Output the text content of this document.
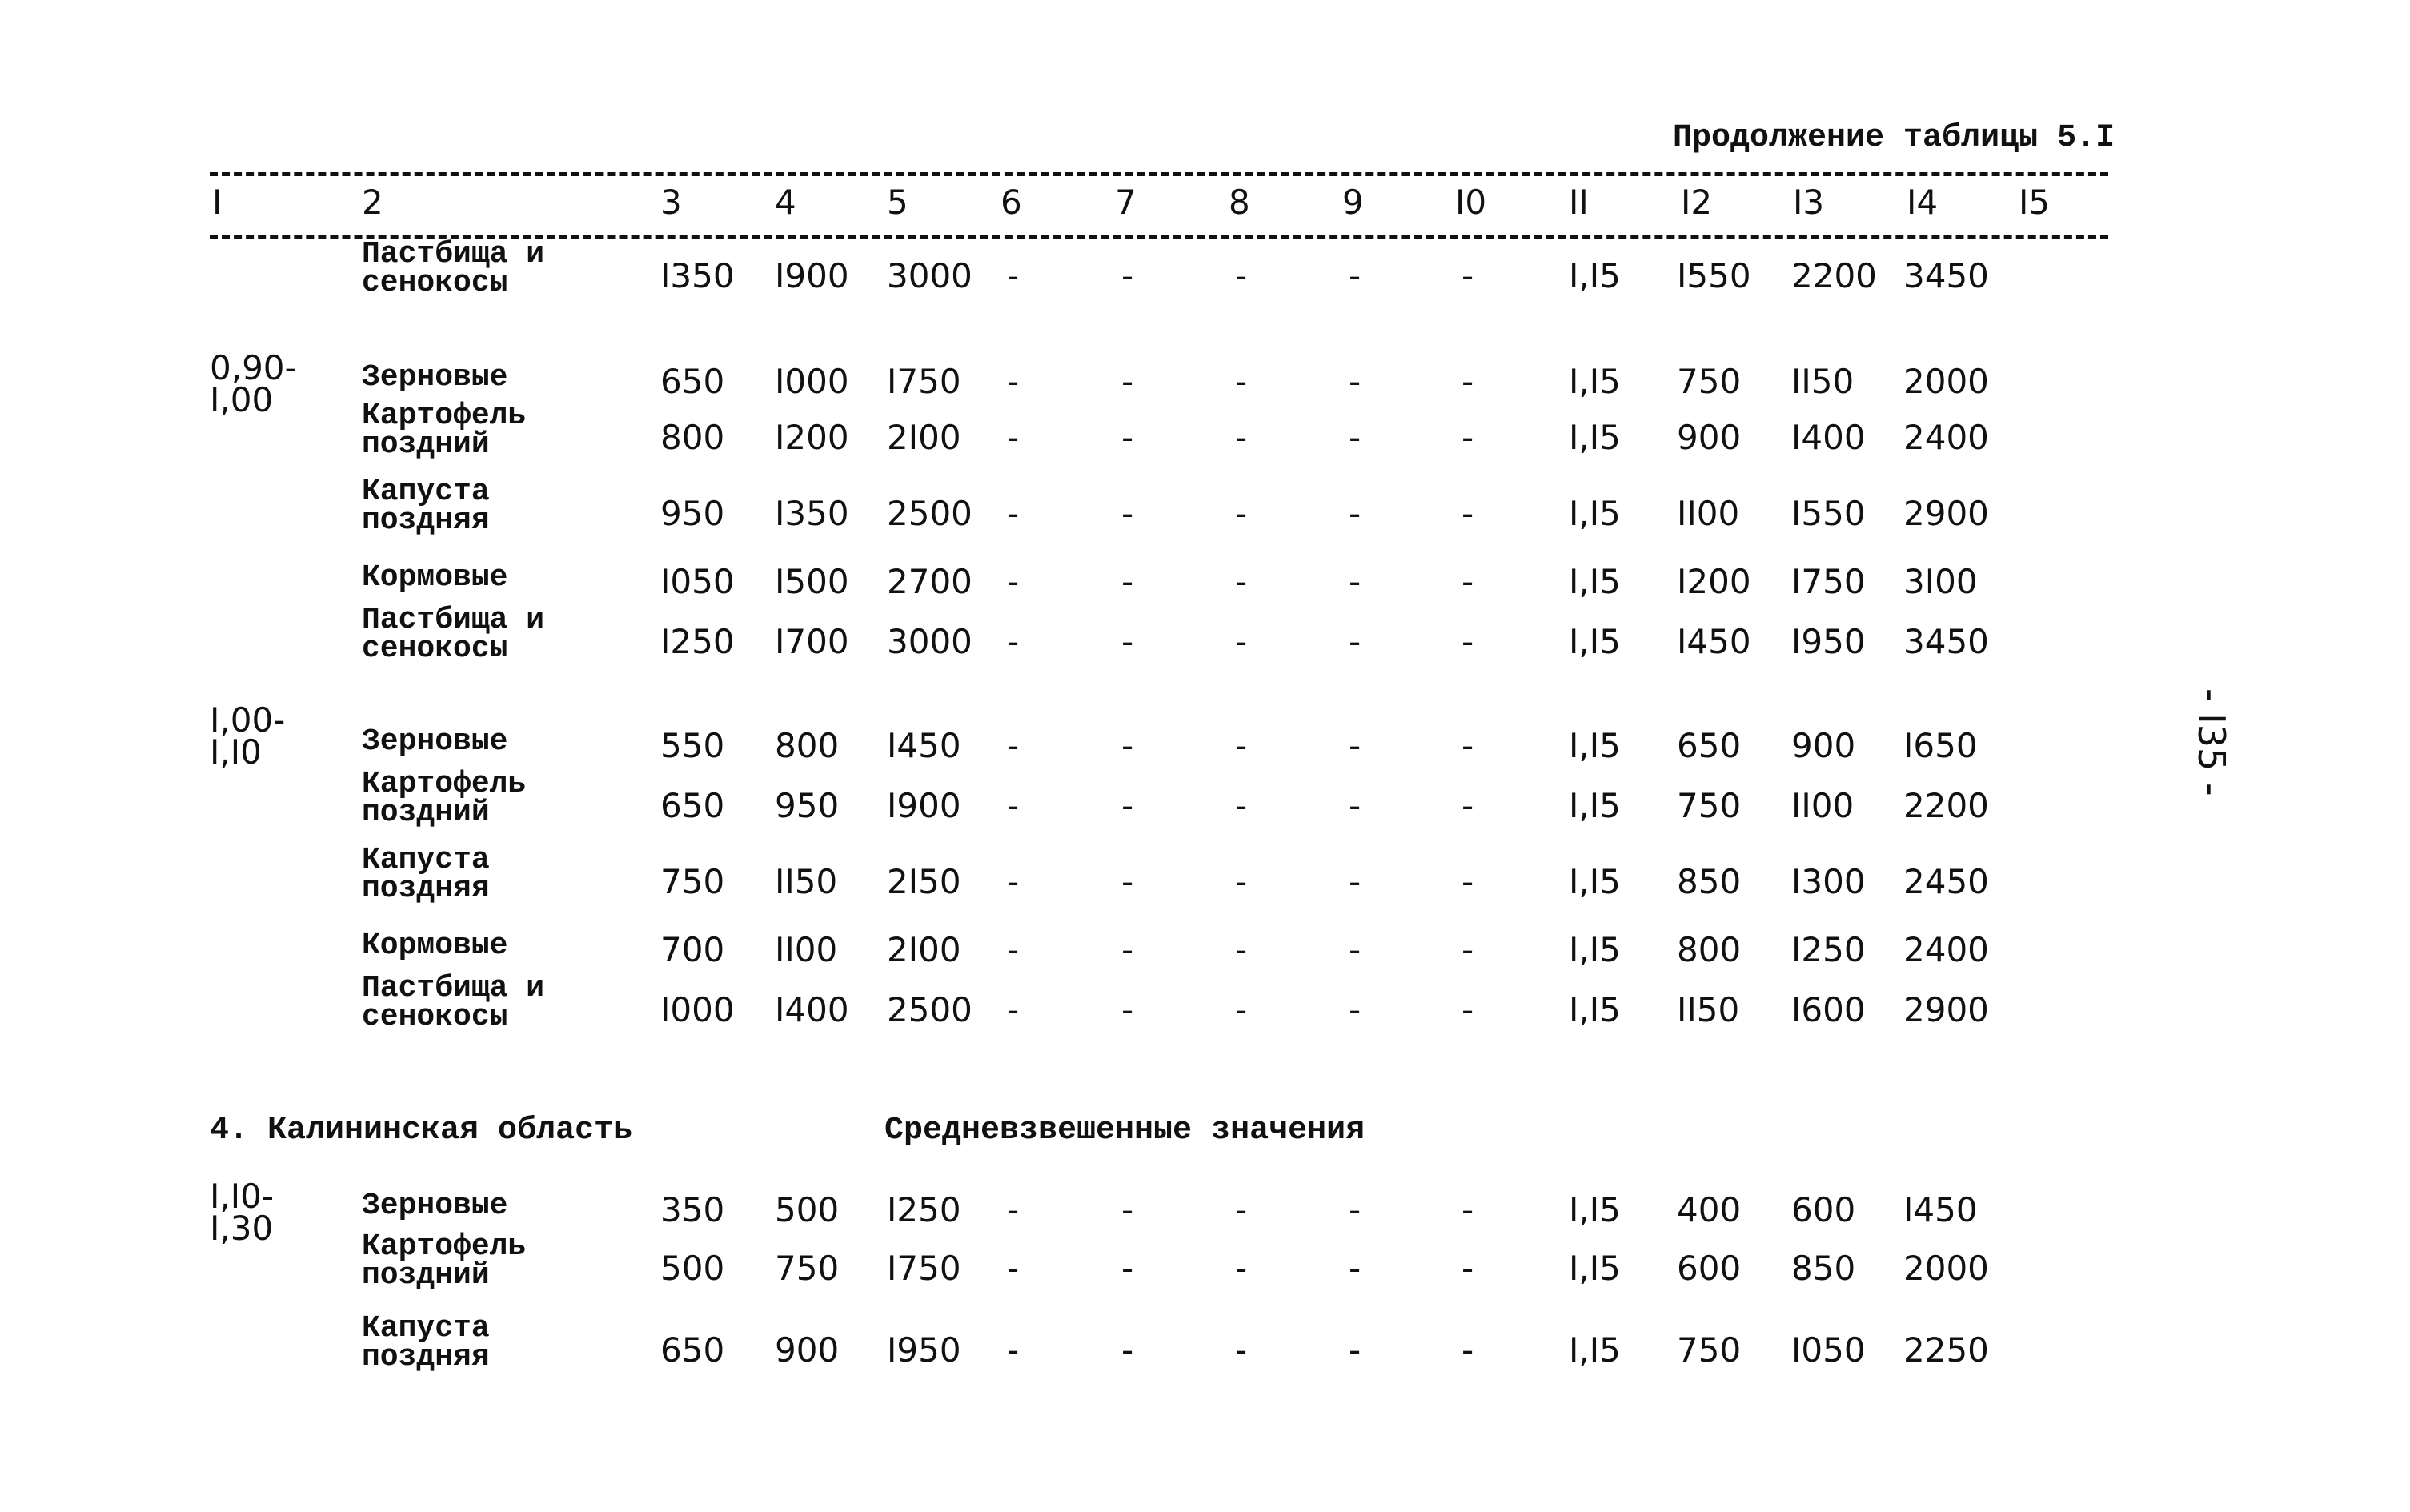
Продолжение таблицы 5.I
I	2	3	4	5	6	7	8	9	I0 II	I2 I3 I4 I5
Пастбища и
сенокосы	I350 I900 3000 -	-	-	-	-	I,I5 I550 2200 3450
0,90-
I,00
Зерновые	650 I000 I750 -	-	-	-	-	I,I5 750 II50 2000
Картофель
поздний	800 I200 2I00 -	-	-	-	-	I,I5 900 I400 2400
Капуста
поздняя	950 I350 2500 -	-	-	-	-	I,I5 II00 I550 2900
Кормовые	I050 I500 2700 -	-	-	-	-	I,I5 I200 I750 3I00
Пастбища и
сенокосы	I250 I700 3000 -	-	-	-	-	I,I5 I450 I950 3450
I,00-
I,I0	Зерновые	550 800 I450 -	-	-	-	-	I,I5 650 900 I650
Картофель
поздний	650 950 I900 -	-	-	-	-	I,I5 750 II00 2200
Капуста
поздняя	750 II50 2I50 -	-	-	-	-	I,I5 850 I300 2450
Кормовые	700 II00 2I00 -	-	-	-	-	I,I5 800 I250 2400
Пастбища и
сенокосы	I000 I400 2500 -	-	-	-	-	I,I5 II50 I600 2900
I,I0-
I,30
Зерновые	350 500 I250 -	-	-	-	-	I,I5 400 600 I450
Картофель
поздний	500 750 I750 -	-	-	-	-	I,I5 600 850 2000
Капуста
поздняя	650 900 I950 -	-	-	-	-	I,I5 750 I050 2250
4. Калининская область	Средневзвешенные значения
- I35 -
